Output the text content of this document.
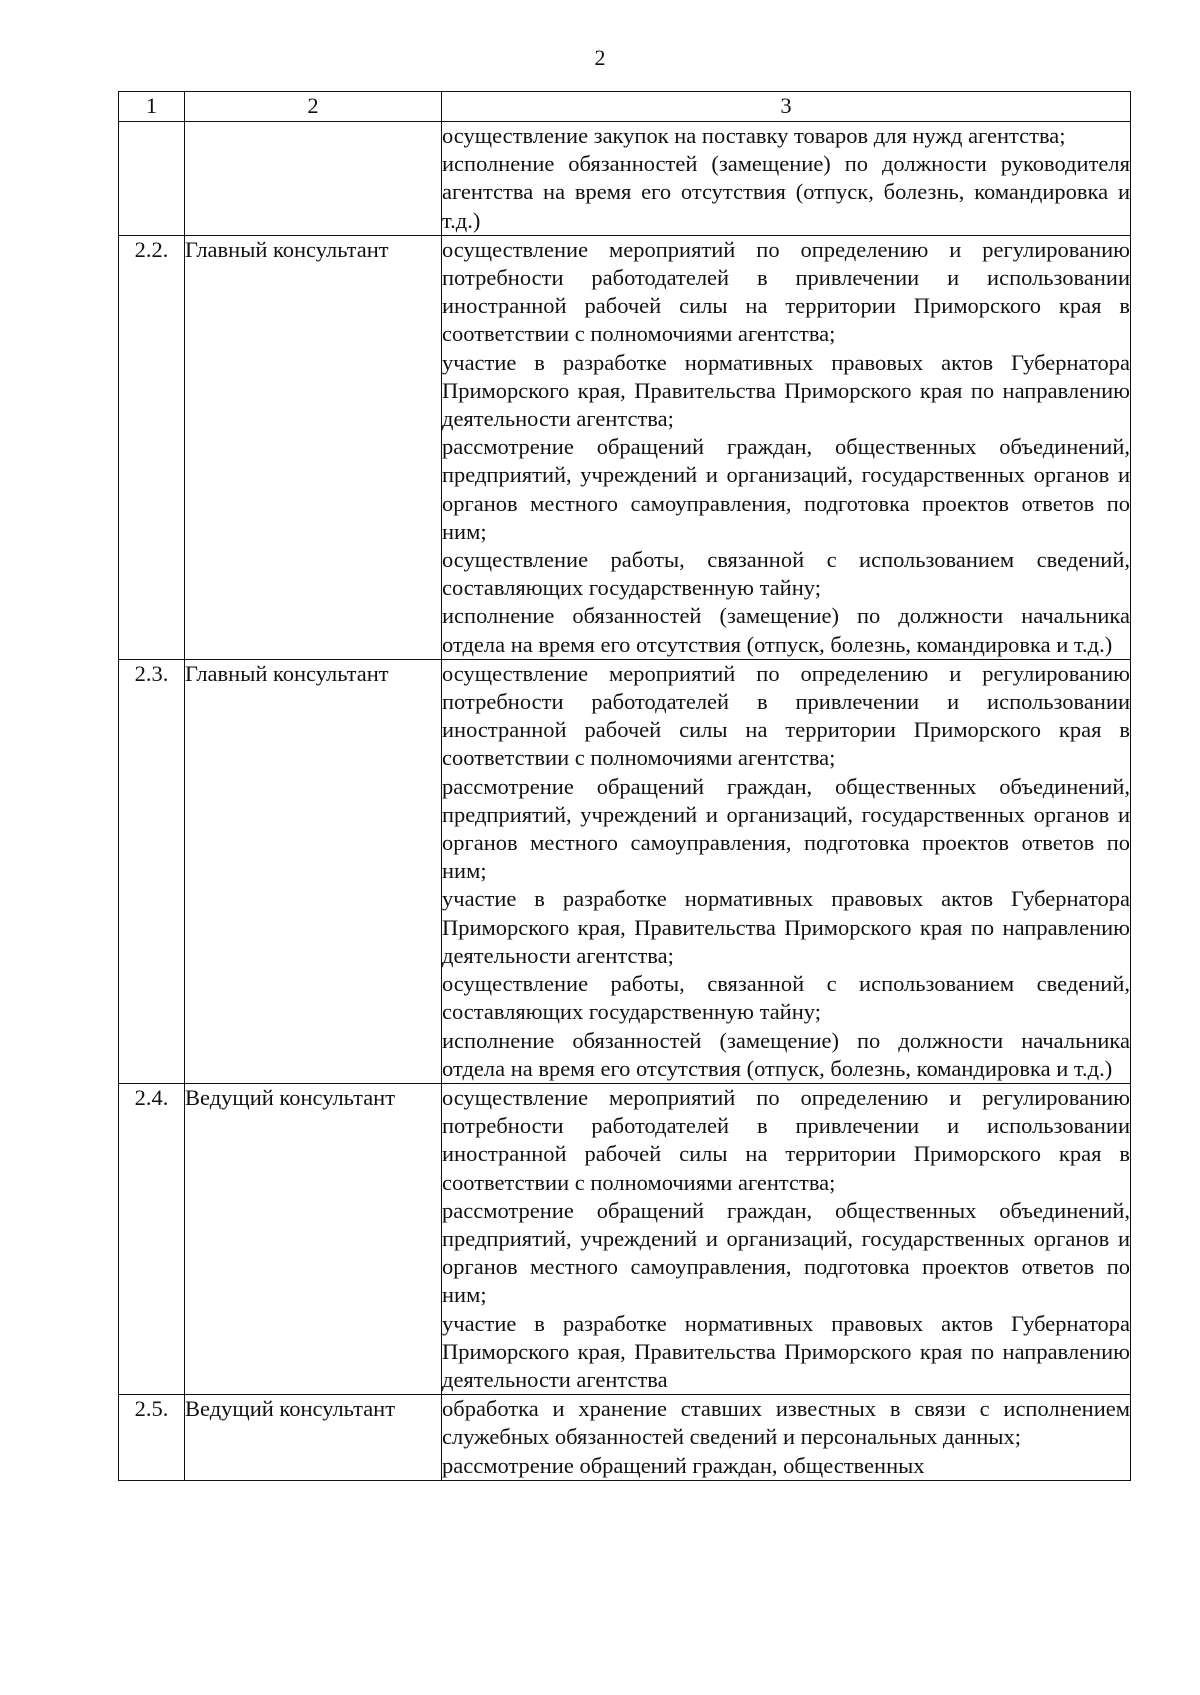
2
1	2	3

		осуществление закупок на поставку товаров для нужд агентства;
исполнение обязанностей (замещение) по должности руководителя агентства на время его отсутствия (отпуск, болезнь, командировка и т.д.)

2.2.	Главный консультант	осуществление мероприятий по определению и регулированию потребности работодателей в привлечении и использовании иностранной рабочей силы на территории Приморского края в соответствии с полномочиями агентства;
участие в разработке нормативных правовых актов Губернатора Приморского края, Правительства Приморского края по направлению деятельности агентства;
рассмотрение обращений граждан, общественных объединений, предприятий, учреждений и организаций, государственных органов и органов местного самоуправления, подготовка проектов ответов по ним;
осуществление работы, связанной с использованием сведений, составляющих государственную тайну;
исполнение обязанностей (замещение) по должности начальника отдела на время его отсутствия (отпуск, болезнь, командировка и т.д.)

2.3.	Главный консультант	осуществление мероприятий по определению и регулированию потребности работодателей в привлечении и использовании иностранной рабочей силы на территории Приморского края в соответствии с полномочиями агентства;
рассмотрение обращений граждан, общественных объединений, предприятий, учреждений и организаций, государственных органов и органов местного самоуправления, подготовка проектов ответов по ним;
участие в разработке нормативных правовых актов Губернатора Приморского края, Правительства Приморского края по направлению деятельности агентства;
осуществление работы, связанной с использованием сведений, составляющих государственную тайну;
исполнение обязанностей (замещение) по должности начальника отдела на время его отсутствия (отпуск, болезнь, командировка и т.д.)

2.4.	Ведущий консультант	осуществление мероприятий по определению и регулированию потребности работодателей в привлечении и использовании иностранной рабочей силы на территории Приморского края в соответствии с полномочиями агентства;
рассмотрение обращений граждан, общественных объединений, предприятий, учреждений и организаций, государственных органов и органов местного самоуправления, подготовка проектов ответов по ним;
участие в разработке нормативных правовых актов Губернатора Приморского края, Правительства Приморского края по направлению деятельности агентства

2.5.	Ведущий консультант	обработка и хранение ставших известных в связи с исполнением служебных обязанностей сведений и персональных данных;
рассмотрение обращений граждан, общественных
